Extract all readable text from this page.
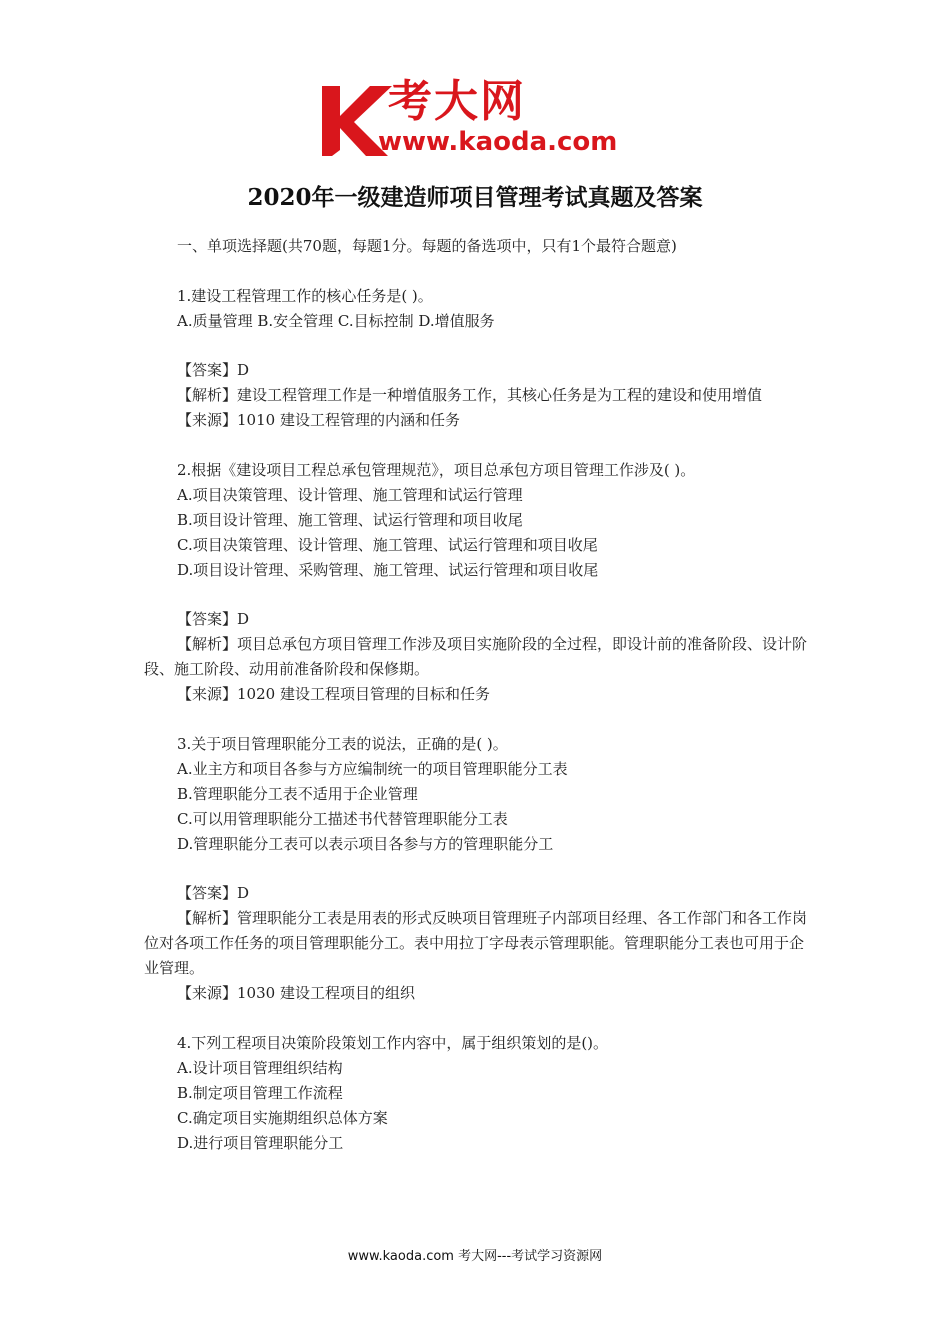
考大网
www.kaoda.com
2020年一级建造师项目管理考试真题及答案
一、单项选择题(共70题，每题1分。每题的备选项中，只有1个最符合题意)
1.建设工程管理工作的核心任务是( )。
A.质量管理 B.安全管理 C.目标控制 D.增值服务
【答案】D
【解析】建设工程管理工作是一种增值服务工作，其核心任务是为工程的建设和使用增值
【来源】1010 建设工程管理的内涵和任务
2.根据《建设项目工程总承包管理规范》，项目总承包方项目管理工作涉及( )。
A.项目决策管理、设计管理、施工管理和试运行管理
B.项目设计管理、施工管理、试运行管理和项目收尾
C.项目决策管理、设计管理、施工管理、试运行管理和项目收尾
D.项目设计管理、采购管理、施工管理、试运行管理和项目收尾
【答案】D
【解析】项目总承包方项目管理工作涉及项目实施阶段的全过程，即设计前的准备阶段、设计阶段、施工阶段、动用前准备阶段和保修期。
【来源】1020 建设工程项目管理的目标和任务
3.关于项目管理职能分工表的说法，正确的是( )。
A.业主方和项目各参与方应编制统一的项目管理职能分工表
B.管理职能分工表不适用于企业管理
C.可以用管理职能分工描述书代替管理职能分工表
D.管理职能分工表可以表示项目各参与方的管理职能分工
【答案】D
【解析】管理职能分工表是用表的形式反映项目管理班子内部项目经理、各工作部门和各工作岗位对各项工作任务的项目管理职能分工。表中用拉丁字母表示管理职能。管理职能分工表也可用于企业管理。
【来源】1030 建设工程项目的组织
4.下列工程项目决策阶段策划工作内容中，属于组织策划的是()。
A.设计项目管理组织结构
B.制定项目管理工作流程
C.确定项目实施期组织总体方案
D.进行项目管理职能分工
www.kaoda.com 考大网---考试学习资源网
